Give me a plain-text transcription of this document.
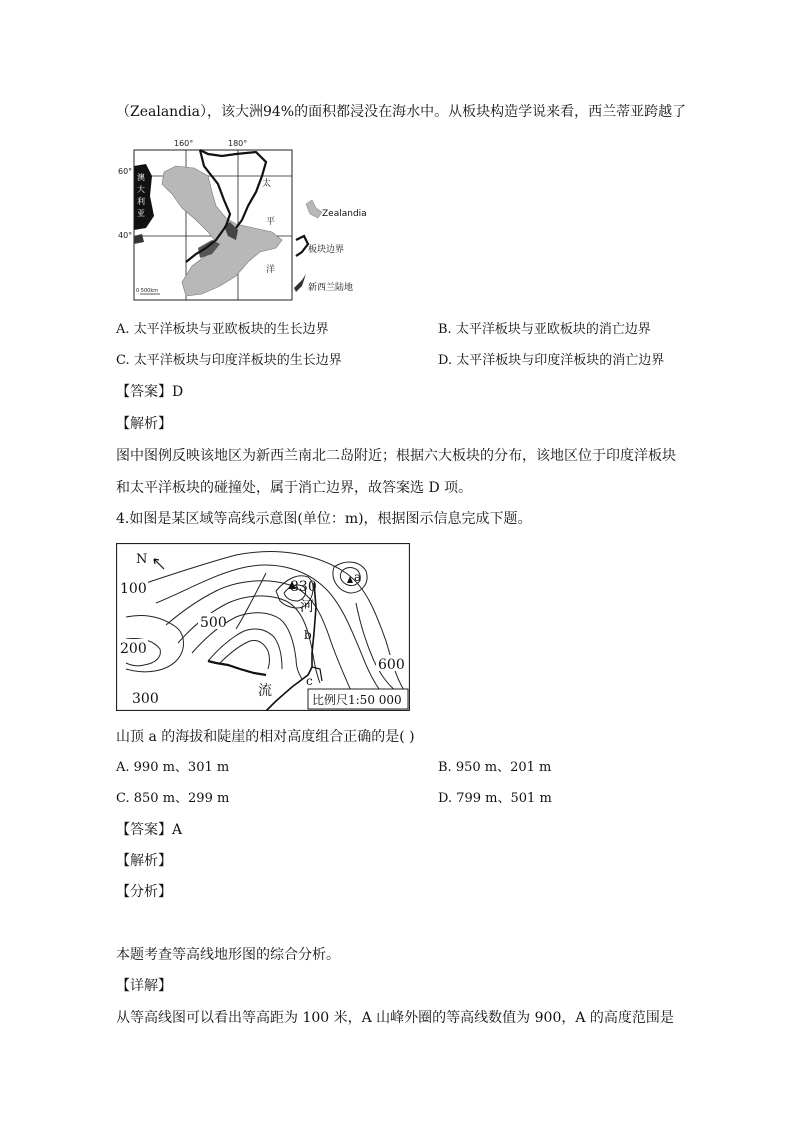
（Zealandia），该大洲94%的面积都浸没在海水中。从板块构造学说来看，西兰蒂亚跨越了
160°	180°
60°
40°
澳
大
利
亚
太
平
洋
0 500km
Zealandia
板块边界
新西兰陆地
A. 太平洋板块与亚欧板块的生长边界	B. 太平洋板块与亚欧板块的消亡边界
C. 太平洋板块与印度洋板块的生长边界	D. 太平洋板块与印度洋板块的消亡边界
【答案】D
【解析】
图中图例反映该地区为新西兰南北二岛附近；根据六大板块的分布，该地区位于印度洋板块
和太平洋板块的碰撞处，属于消亡边界，故答案选 D 项。
4.如图是某区域等高线示意图(单位：m)，根据图示信息完成下题。
N
830
a
河
流
b
c
100
500
200
300
600
比例尺1:50 000
山顶 a 的海拔和陡崖的相对高度组合正确的是( )
A. 990 m、301 m	B. 950 m、201 m
C. 850 m、299 m	D. 799 m、501 m
【答案】A
【解析】
【分析】
本题考查等高线地形图的综合分析。
【详解】
从等高线图可以看出等高距为 100 米，A 山峰外圈的等高线数值为 900，A 的高度范围是
